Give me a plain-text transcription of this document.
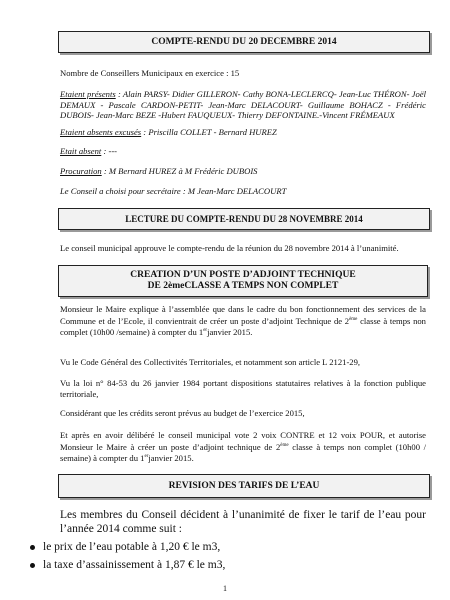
COMPTE-RENDU DU 20 DECEMBRE 2014

Nombre de Conseillers Municipaux en exercice : 15

Etaient présents : Alain PARSY- Didier GILLERON- Cathy BONA-LECLERCQ- Jean-Luc THÉRON- Joël DEMAUX - Pascale CARDON-PETIT- Jean-Marc DELACOURT- Guillaume BOHACZ - Frédéric DUBOIS- Jean-Marc BEZE -Hubert FAUQUEUX- Thierry DEFONTAINE.-Vincent FRÉMEAUX

Etaient absents excusés : Priscilla COLLET - Bernard HUREZ

Etait absent : ---

Procuration : M Bernard HUREZ à M Frédéric DUBOIS

Le Conseil a choisi pour secrétaire : M Jean-Marc DELACOURT

LECTURE DU COMPTE-RENDU DU 28 NOVEMBRE 2014

Le conseil municipal approuve le compte-rendu de la réunion du 28 novembre 2014 à l’unanimité.

CREATION D’UN POSTE D’ADJOINT TECHNIQUE
DE 2èmeCLASSE A TEMPS NON COMPLET

Monsieur le Maire explique à l’assemblée que dans le cadre du bon fonctionnement des services de la Commune et de l’Ecole, il convientrait de créer un poste d’adjoint Technique de 2ème classe à temps non complet (10h00 /semaine) à compter du 1erjanvier 2015.

Vu le Code Général des Collectivités Territoriales, et notamment son article L 2121-29,

Vu la loi n° 84-53 du 26 janvier 1984 portant dispositions statutaires relatives à la fonction publique territoriale,

Considérant que les crédits seront prévus au budget de l’exercice 2015,

Et après en avoir délibéré le conseil municipal vote 2 voix CONTRE et 12 voix POUR, et autorise Monsieur le Maire à créer un poste d’adjoint technique de 2ème classe à temps non complet (10h00 / semaine) à compter du 1erjanvier 2015.

REVISION DES TARIFS DE L’EAU

Les membres du Conseil décident à l’unanimité de fixer le tarif de l’eau pour l’année 2014 comme suit :

le prix de l’eau potable à 1,20 € le m3,
la taxe d’assainissement à 1,87 € le m3,
1
